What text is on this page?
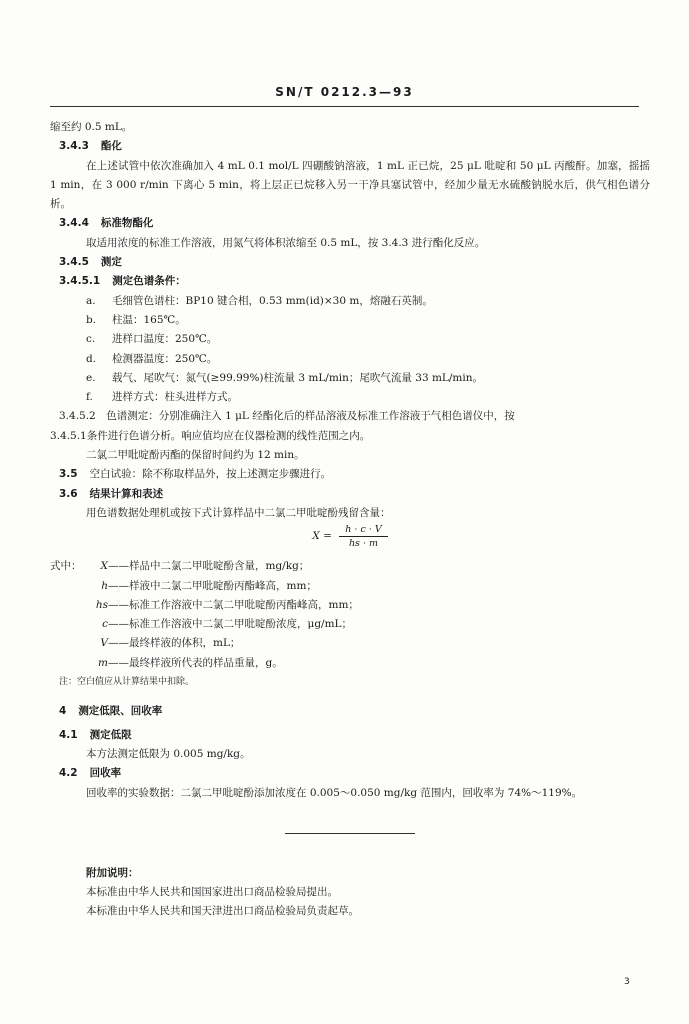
SN/T 0212.3—93
缩至约 0.5 mL。
3.4.3 酯化
在上述试管中依次准确加入 4 mL 0.1 mol/L 四硼酸钠溶液，1 mL 正已烷，25 μL 吡啶和 50 μL 丙酸酐。加塞，摇摇 1 min，在 3 000 r/min 下离心 5 min，将上层正已烷移入另一干净具塞试管中，经加少量无水硫酸钠脱水后，供气相色谱分析。
3.4.4 标准物酯化
取适用浓度的标准工作溶液，用氮气将体积浓缩至 0.5 mL，按 3.4.3 进行酯化反应。
3.4.5 测定
3.4.5.1 测定色谱条件：
a. 毛细管色谱柱：BP10 键合相，0.53 mm(id)×30 m，熔融石英制。
b. 柱温：165℃。
c. 进样口温度：250℃。
d. 检测器温度：250℃。
e. 载气、尾吹气：氮气(≥99.99%)柱流量 3 mL/min；尾吹气流量 33 mL/min。
f. 进样方式：柱头进样方式。
3.4.5.2　色谱测定：分别准确注入 1 μL 经酯化后的样品溶液及标准工作溶液于气相色谱仪中，按
3.4.5.1条件进行色谱分析。响应值均应在仪器检测的线性范围之内。
二氯二甲吡啶酚丙酯的保留时间约为 12 min。
3.5 空白试验：除不称取样品外，按上述测定步骤进行。
3.6 结果计算和表述
用色谱数据处理机或按下式计算样品中二氯二甲吡啶酚残留含量：
$X = \frac{h \cdot c \cdot V}{hs \cdot m}$
式中： X——样品中二氯二甲吡啶酚含量，mg/kg；
h——样液中二氯二甲吡啶酚丙酯峰高，mm；
hs——标准工作溶液中二氯二甲吡啶酚丙酯峰高，mm；
c——标准工作溶液中二氯二甲吡啶酚浓度，μg/mL；
V——最终样液的体积，mL；
m——最终样液所代表的样品重量，g。
注：空白值应从计算结果中扣除。
4 测定低限、回收率
4.1 测定低限
本方法测定低限为 0.005 mg/kg。
4.2 回收率
回收率的实验数据：二氯二甲吡啶酚添加浓度在 0.005～0.050 mg/kg 范围内，回收率为 74%～119%。
附加说明：
本标准由中华人民共和国国家进出口商品检验局提出。
本标准由中华人民共和国天津进出口商品检验局负责起草。
3
